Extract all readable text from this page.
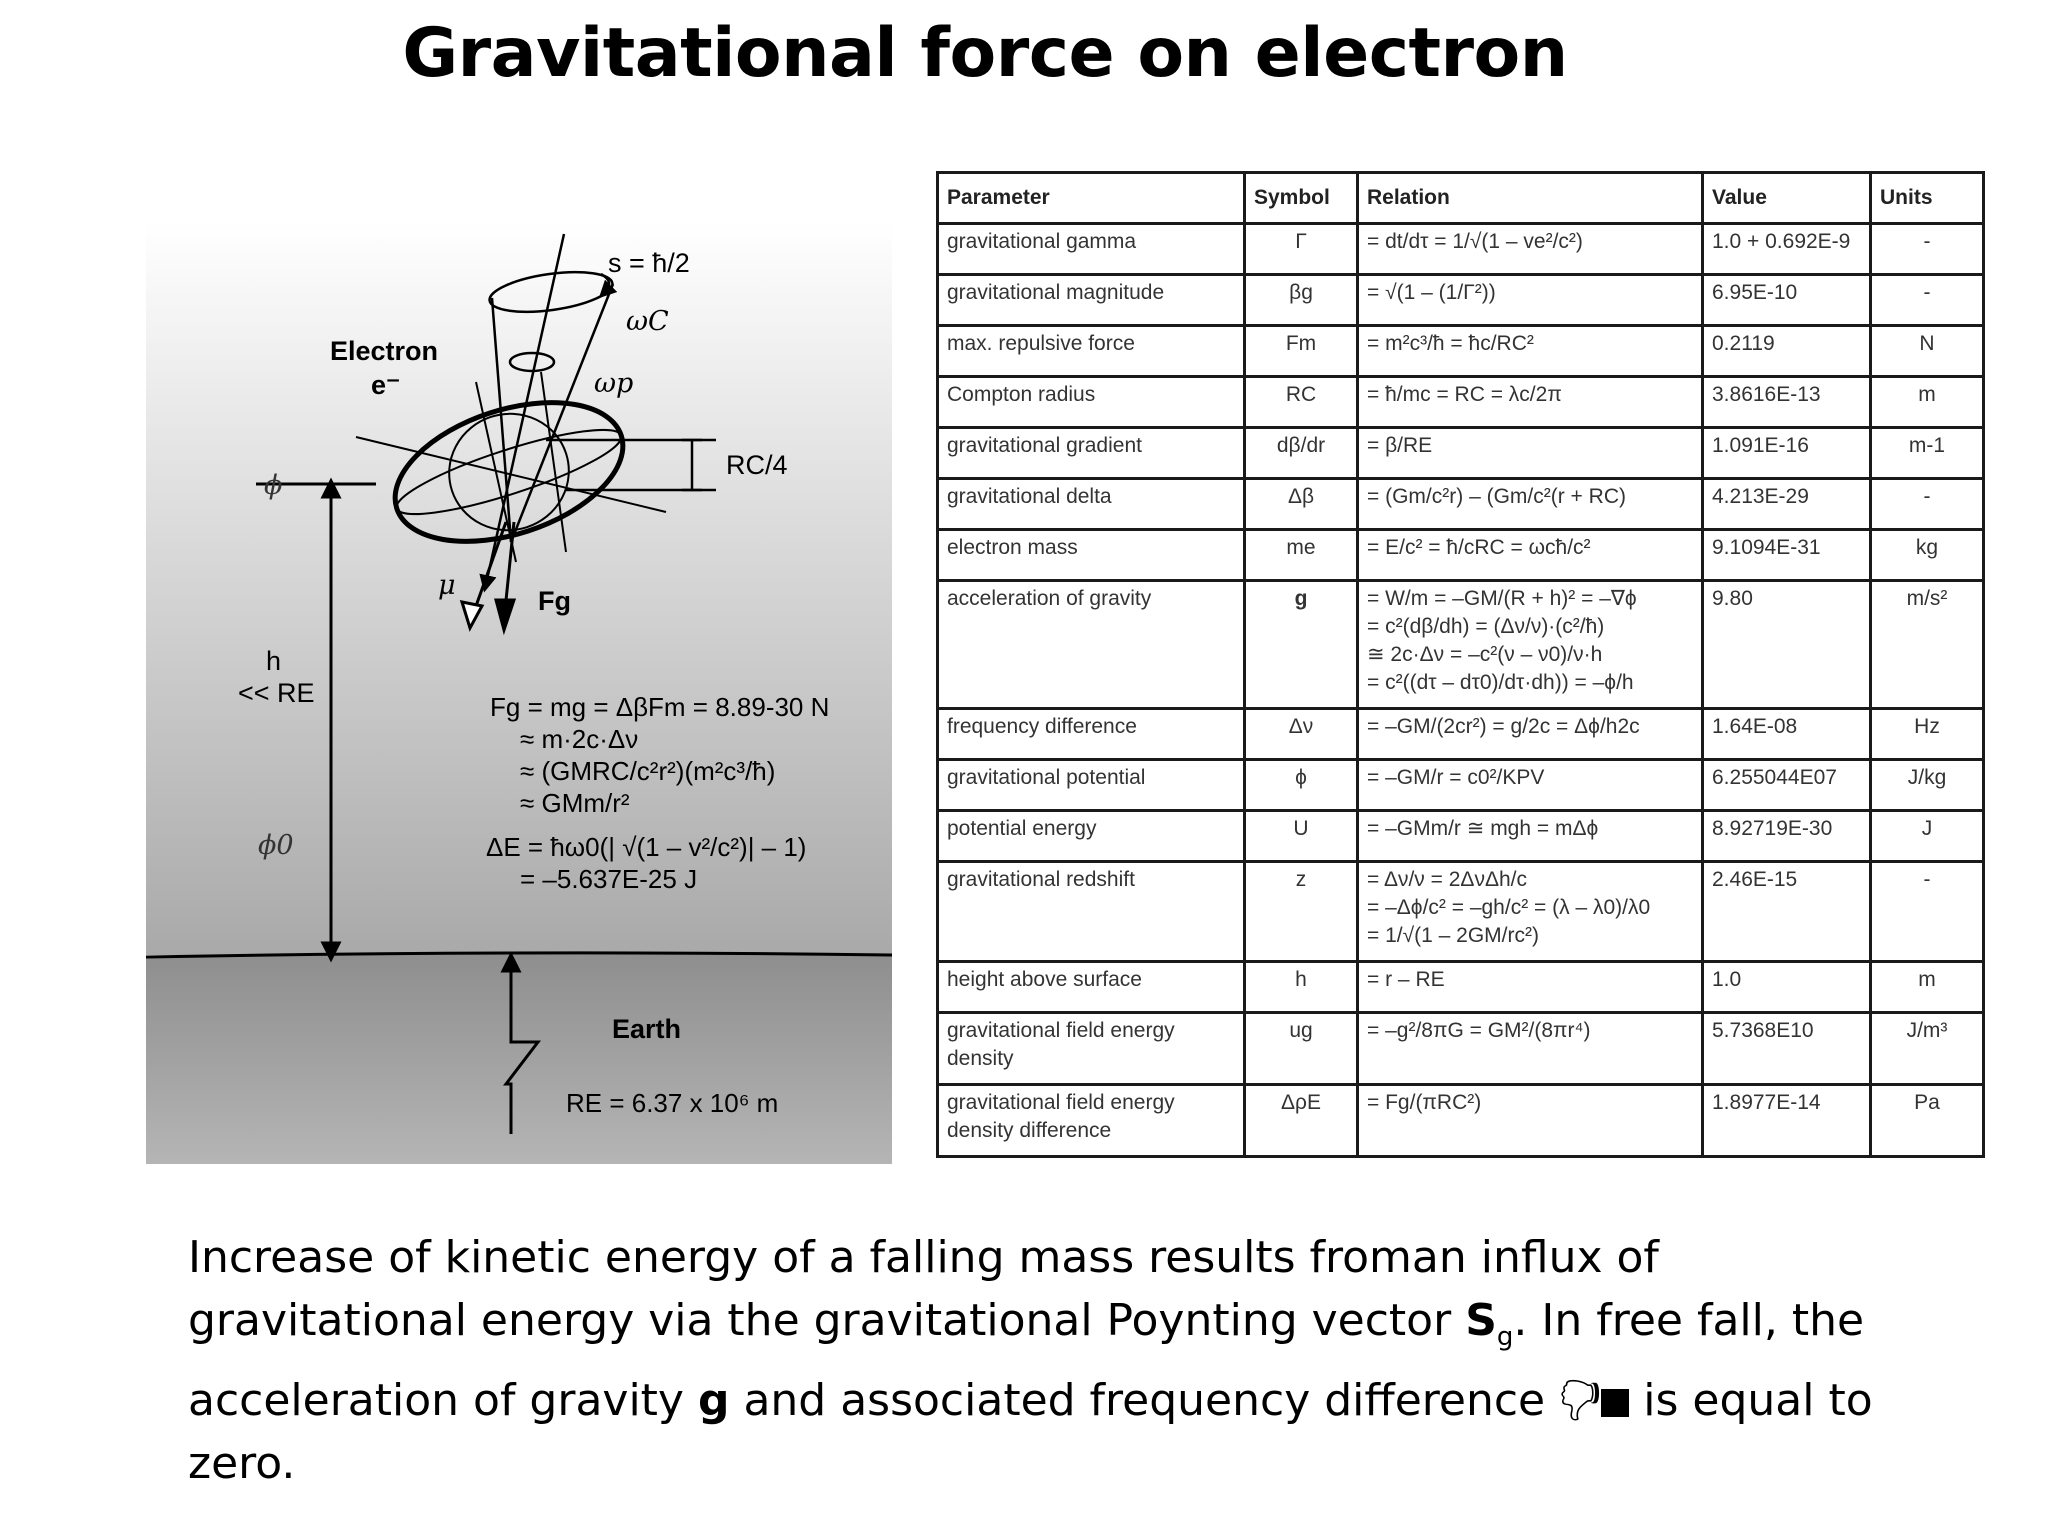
Gravitational force on electron
s = ħ/2
ωC
ωp
Electron
e⁻
RC/4
ϕ
μ	Fg
h
<< RE
ϕ0
Fg = mg = ΔβFm = 8.89-30 N
≈ m·2c·Δν
≈ (GMRC/c²r²)(m²c³/ħ)
≈ GMm/r²
ΔE = ħω0(| √(1 – v²/c²)| – 1)
= –5.637E-25 J
Earth
RE = 6.37 x 10⁶ m
Parameter	Symbol	Relation	Value	Units
gravitational gamma	Γ	= dt/dτ = 1/√(1 – ve²/c²)	1.0 + 0.692E-9	-
gravitational magnitude	βg	= √(1 – (1/Γ²))	6.95E-10	-
max. repulsive force	Fm	= m²c³/ħ = ħc/RC²	0.2119	N
Compton radius	RC	= ħ/mc = RC = λc/2π	3.8616E-13	m
gravitational gradient	dβ/dr	= β/RE	1.091E-16	m-1
gravitational delta	Δβ	= (Gm/c²r) – (Gm/c²(r + RC)	4.213E-29	-
electron mass	me	= E/c² = ħ/cRC = ωcħ/c²	9.1094E-31	kg
acceleration of gravity	g	= W/m = –GM/(R + h)² = –∇ϕ
= c²(dβ/dh) = (Δν/ν)·(c²/ħ)
≅ 2c·Δν = –c²(ν – ν0)/ν·h
= c²((dτ – dτ0)/dτ·dh)) = –ϕ/h	9.80	m/s²
frequency difference	Δν	= –GM/(2cr²) = g/2c = Δϕ/h2c	1.64E-08	Hz
gravitational potential	ϕ	= –GM/r = c0²/KPV	6.255044E07	J/kg
potential energy	U	= –GMm/r ≅ mgh = mΔϕ	8.92719E-30	J
gravitational redshift	z	= Δν/ν = 2ΔνΔh/c
= –Δϕ/c² = –gh/c² = (λ – λ0)/λ0
= 1/√(1 – 2GM/rc²)	2.46E-15	-
height above surface	h	= r – RE	1.0	m
gravitational field energy density	ug	= –g²/8πG = GM²/(8πr⁴)	5.7368E10	J/m³
gravitational field energy density difference	ΔρE	= Fg/(πRC²)	1.8977E-14	Pa
Increase of kinetic energy of a falling mass results froman influx of gravitational energy via the gravitational Poynting vector $S_g$. In free fall, the acceleration of gravity g and associated frequency difference 🖓 is equal to zero.
